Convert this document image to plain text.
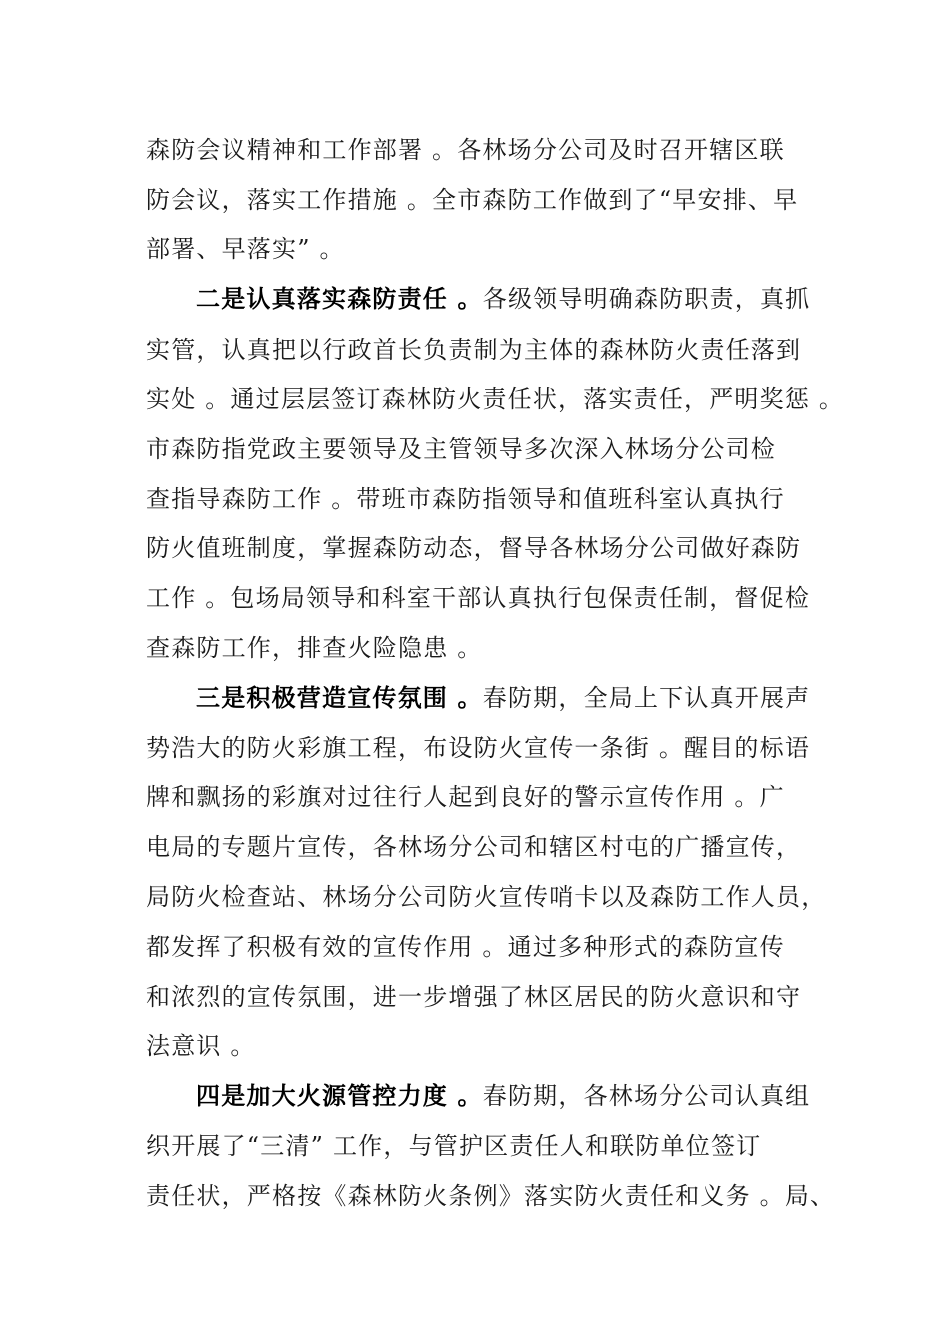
森防会议精神和工作部署 。各林场分公司及时召开辖区联
防会议，落实工作措施 。全市森防工作做到了“早安排、早
部署、早落实” 。
二是认真落实森防责任 。各级领导明确森防职责，真抓
实管，认真把以行政首长负责制为主体的森林防火责任落到
实处 。通过层层签订森林防火责任状，落实责任，严明奖惩 。
市森防指党政主要领导及主管领导多次深入林场分公司检
查指导森防工作 。带班市森防指领导和值班科室认真执行
防火值班制度，掌握森防动态，督导各林场分公司做好森防
工作 。包场局领导和科室干部认真执行包保责任制，督促检
查森防工作，排查火险隐患 。
三是积极营造宣传氛围 。春防期，全局上下认真开展声
势浩大的防火彩旗工程，布设防火宣传一条街 。醒目的标语
牌和飘扬的彩旗对过往行人起到良好的警示宣传作用 。广
电局的专题片宣传，各林场分公司和辖区村屯的广播宣传，
局防火检查站、林场分公司防火宣传哨卡以及森防工作人员，
都发挥了积极有效的宣传作用 。通过多种形式的森防宣传
和浓烈的宣传氛围，进一步增强了林区居民的防火意识和守
法意识 。
四是加大火源管控力度 。春防期，各林场分公司认真组
织开展了“三清” 工作，与管护区责任人和联防单位签订
责任状，严格按《森林防火条例》落实防火责任和义务 。局、
